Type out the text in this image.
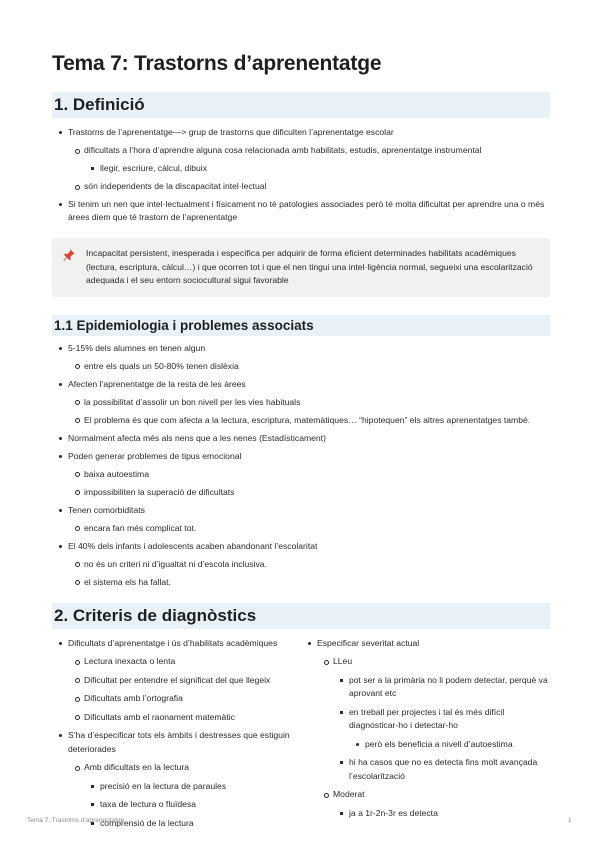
Tema 7: Trastorns d’aprenentatge
1. Definició
Trastorns de l’aprenentatge—> grup de trastorns que dificulten l’aprenentatge escolar
dificultats a l’hora d’aprendre alguna cosa relacionada amb habilitats, estudis, aprenentatge instrumental
llegir, escriure, càlcul, dibuix
són independents de la discapacitat intel·lectual
Si tenim un nen que intel·lectualment i físicament no té patologies associades però té molta dificultat per aprendre una o més àrees diem que té trastorn de l’aprenentatge
Incapacitat persistent, inesperada i específica per adquirir de forma eficient determinades habilitats acadèmiques (lectura, escriptura, càlcul…) i que ocorren tot i que el nen tingui una intel·ligència normal, segueixi una escolarització adequada i el seu entorn sociocultural sigui favorable
1.1 Epidemiologia i problemes associats
5-15% dels alumnes en tenen algun
entre els quals un 50-80% tenen dislèxia
Afecten l’aprenentatge de la resta de les àrees
la possibilitat d’assolir un bon nivell per les vies habituals
El problema és que com afecta a la lectura, escriptura, matemàtiques… “hipotequen” els altres aprenentatges també.
Normalment afecta més als nens que a les nenes (Estadísticament)
Poden generar problemes de tipus emocional
baixa autoestima
impossibiliten la superació de dificultats
Tenen comorbiditats
encara fan més complicat tot.
El 40% dels infants i adolescents acaben abandonant l’escolaritat
no és un criteri ni d’igualtat ni d’escola inclusiva.
el sistema els ha fallat.
2. Criteris de diagnòstics
Dificultats d’aprenentatge i ús d’habilitats acadèmiques
Lectura inexacta o lenta
Dificultat per entendre el significat del que llegeix
Dificultats amb l’ortografia
Dificultats amb el raonament matemàtic
S’ha d’especificar tots els àmbits i destresses que estiguin deteriorades
Amb dificultats en la lectura
precisió en la lectura de paraules
taxa de lectura o fluïdesa
comprensió de la lectura
Especificar severitat actual
LLeu
pot ser a la primària no li podem detectar, perquè va aprovant etc
en treball per projectes i tal és més difícil diagnosticar-ho i detectar-ho
però els beneficia a nivell d’autoestima
hi ha casos que no es detecta fins molt avançada l’escolarització
Moderat
ja a 1r-2n-3r es detecta
Tema 7: Trastorns d’aprenentatge	1
